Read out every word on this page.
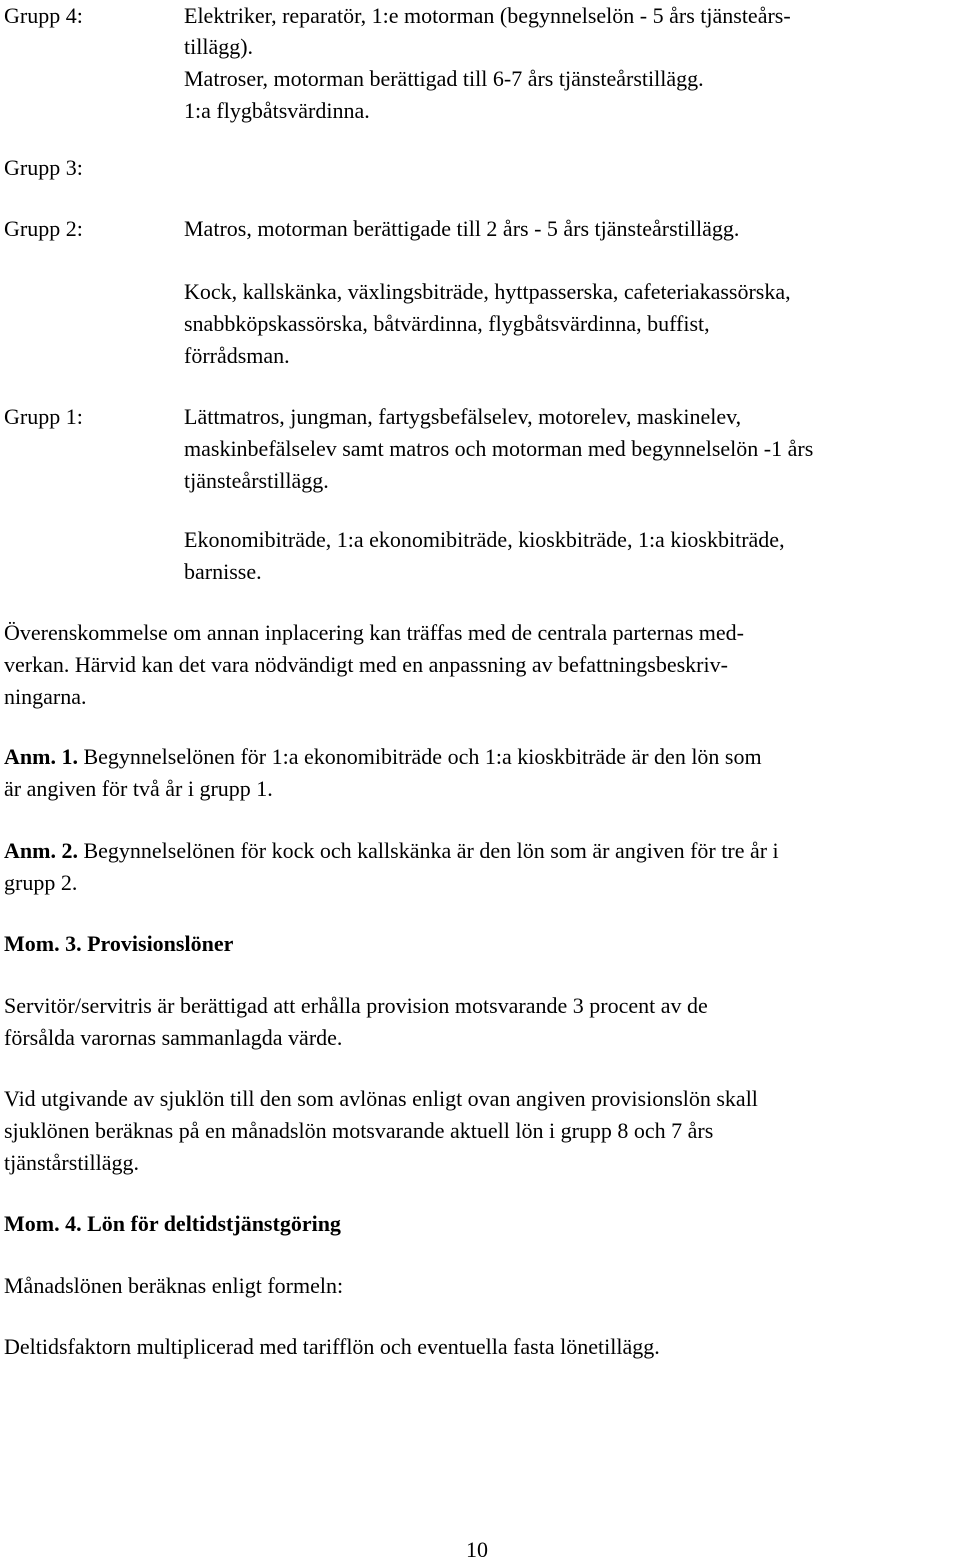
Grupp 4:	Elektriker, reparatör, 1:e motorman (begynnelselön - 5 års tjänsteårs-
tillägg).
Matroser, motorman berättigad till 6-7 års tjänsteårstillägg.
1:a flygbåtsvärdinna.
Grupp 3:
Grupp 2:	Matros, motorman berättigade till 2 års - 5 års tjänsteårstillägg.
Kock, kallskänka, växlingsbiträde, hyttpasserska, cafeteriakassörska,
snabbköpskassörska, båtvärdinna, flygbåtsvärdinna, buffist,
förrådsman.
Grupp 1:	Lättmatros, jungman, fartygsbefälselev, motorelev, maskinelev,
maskinbefälselev samt matros och motorman med begynnelselön -1 års
tjänsteårstillägg.
Ekonomibiträde, 1:a ekonomibiträde, kioskbiträde, 1:a kioskbiträde,
barnisse.
Överenskommelse om annan inplacering kan träffas med de centrala parternas med-
verkan. Härvid kan det vara nödvändigt med en anpassning av befattningsbeskriv-
ningarna.
Anm. 1. Begynnelselönen för 1:a ekonomibiträde och 1:a kioskbiträde är den lön som
är angiven för två år i grupp 1.
Anm. 2. Begynnelselönen för kock och kallskänka är den lön som är angiven för tre år i
grupp 2.
Mom. 3. Provisionslöner
Servitör/servitris är berättigad att erhålla provision motsvarande 3 procent av de
försålda varornas sammanlagda värde.
Vid utgivande av sjuklön till den som avlönas enligt ovan angiven provisionslön skall
sjuklönen beräknas på en månadslön motsvarande aktuell lön i grupp 8 och 7 års
tjänstårstillägg.
Mom. 4. Lön för deltidstjänstgöring
Månadslönen beräknas enligt formeln:
Deltidsfaktorn multiplicerad med tarifflön och eventuella fasta lönetillägg.
10
